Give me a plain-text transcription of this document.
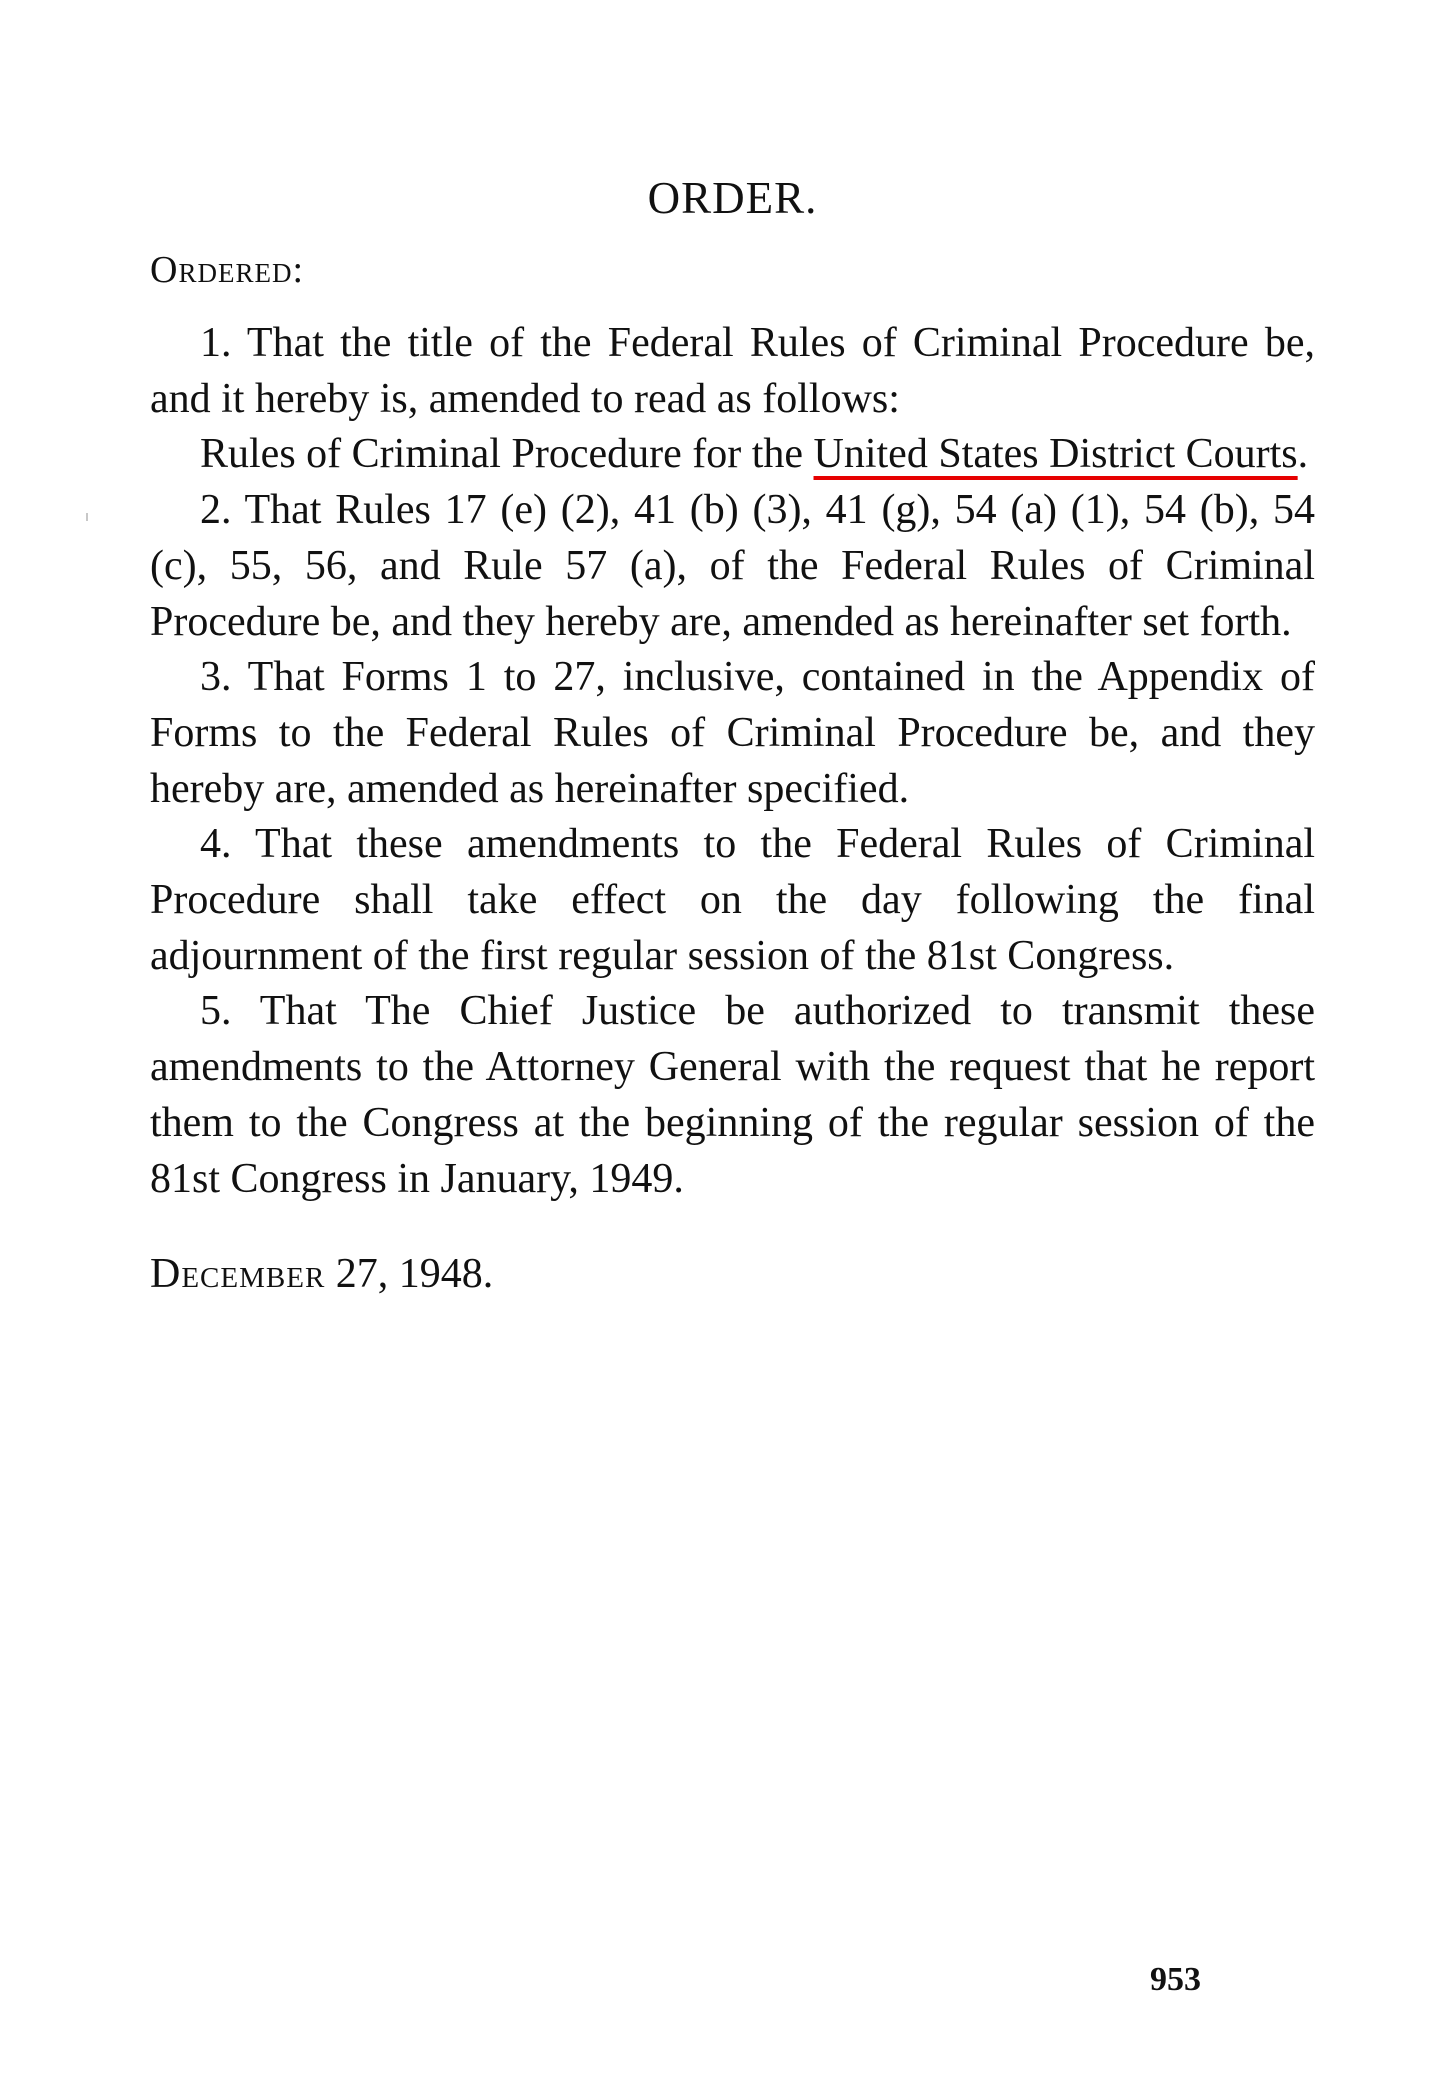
ORDER.
Ordered:

1. That the title of the Federal Rules of Criminal Procedure be, and it hereby is, amended to read as follows:

Rules of Criminal Procedure for the United States District Courts.

2. That Rules 17 (e) (2), 41 (b) (3), 41 (g), 54 (a) (1), 54 (b), 54 (c), 55, 56, and Rule 57 (a), of the Federal Rules of Criminal Procedure be, and they hereby are, amended as hereinafter set forth.

3. That Forms 1 to 27, inclusive, contained in the Appendix of Forms to the Federal Rules of Criminal Procedure be, and they hereby are, amended as hereinafter specified.

4. That these amendments to the Federal Rules of Criminal Procedure shall take effect on the day following the final adjournment of the first regular session of the 81st Congress.

5. That The Chief Justice be authorized to transmit these amendments to the Attorney General with the request that he report them to the Congress at the beginning of the regular session of the 81st Congress in January, 1949.

December 27, 1948.
953
